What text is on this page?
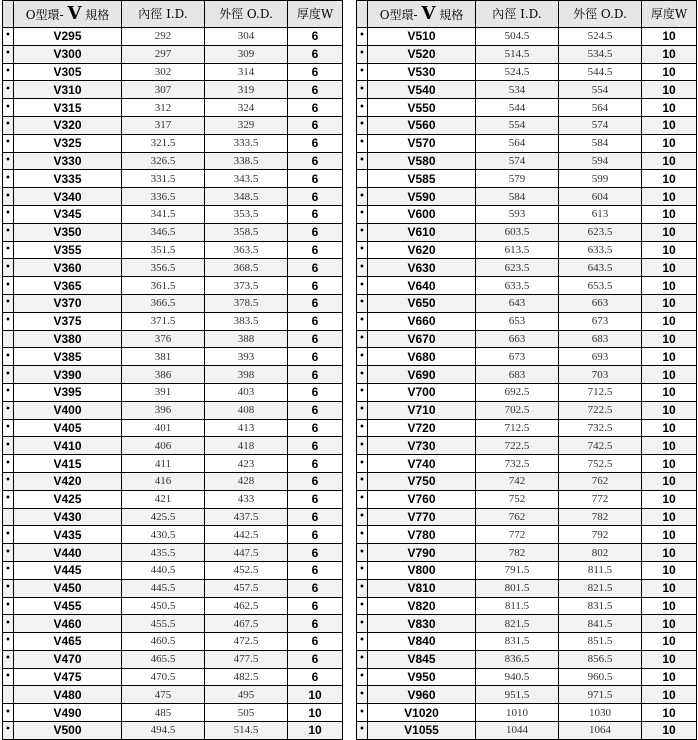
	O型環- V 規格	內徑 I.D.	外徑 O.D.	厚度W
•	V295	292	304	6
•	V300	297	309	6
•	V305	302	314	6
•	V310	307	319	6
•	V315	312	324	6
•	V320	317	329	6
•	V325	321.5	333.5	6
•	V330	326.5	338.5	6
•	V335	331.5	343.5	6
•	V340	336.5	348.5	6
•	V345	341.5	353.5	6
•	V350	346.5	358.5	6
•	V355	351.5	363.5	6
•	V360	356.5	368.5	6
•	V365	361.5	373.5	6
•	V370	366.5	378.5	6
•	V375	371.5	383.5	6
	V380	376	388	6
•	V385	381	393	6
•	V390	386	398	6
•	V395	391	403	6
•	V400	396	408	6
•	V405	401	413	6
•	V410	406	418	6
•	V415	411	423	6
•	V420	416	428	6
•	V425	421	433	6
	V430	425.5	437.5	6
•	V435	430.5	442.5	6
•	V440	435.5	447.5	6
•	V445	440.5	452.5	6
•	V450	445.5	457.5	6
•	V455	450.5	462.5	6
•	V460	455.5	467.5	6
•	V465	460.5	472.5	6
•	V470	465.5	477.5	6
•	V475	470.5	482.5	6
	V480	475	495	10
•	V490	485	505	10
•	V500	494.5	514.5	10
	O型環- V 規格	內徑 I.D.	外徑 O.D.	厚度W
•	V510	504.5	524.5	10
•	V520	514.5	534.5	10
•	V530	524.5	544.5	10
•	V540	534	554	10
•	V550	544	564	10
•	V560	554	574	10
•	V570	564	584	10
•	V580	574	594	10
	V585	579	599	10
•	V590	584	604	10
•	V600	593	613	10
•	V610	603.5	623.5	10
•	V620	613.5	633.5	10
•	V630	623.5	643.5	10
•	V640	633.5	653.5	10
•	V650	643	663	10
•	V660	653	673	10
•	V670	663	683	10
•	V680	673	693	10
•	V690	683	703	10
•	V700	692.5	712.5	10
•	V710	702.5	722.5	10
•	V720	712.5	732.5	10
•	V730	722.5	742.5	10
•	V740	732.5	752.5	10
•	V750	742	762	10
•	V760	752	772	10
•	V770	762	782	10
•	V780	772	792	10
•	V790	782	802	10
•	V800	791.5	811.5	10
•	V810	801.5	821.5	10
•	V820	811.5	831.5	10
•	V830	821.5	841.5	10
•	V840	831.5	851.5	10
•	V845	836.5	856.5	10
•	V950	940.5	960.5	10
•	V960	951.5	971.5	10
•	V1020	1010	1030	10
•	V1055	1044	1064	10
